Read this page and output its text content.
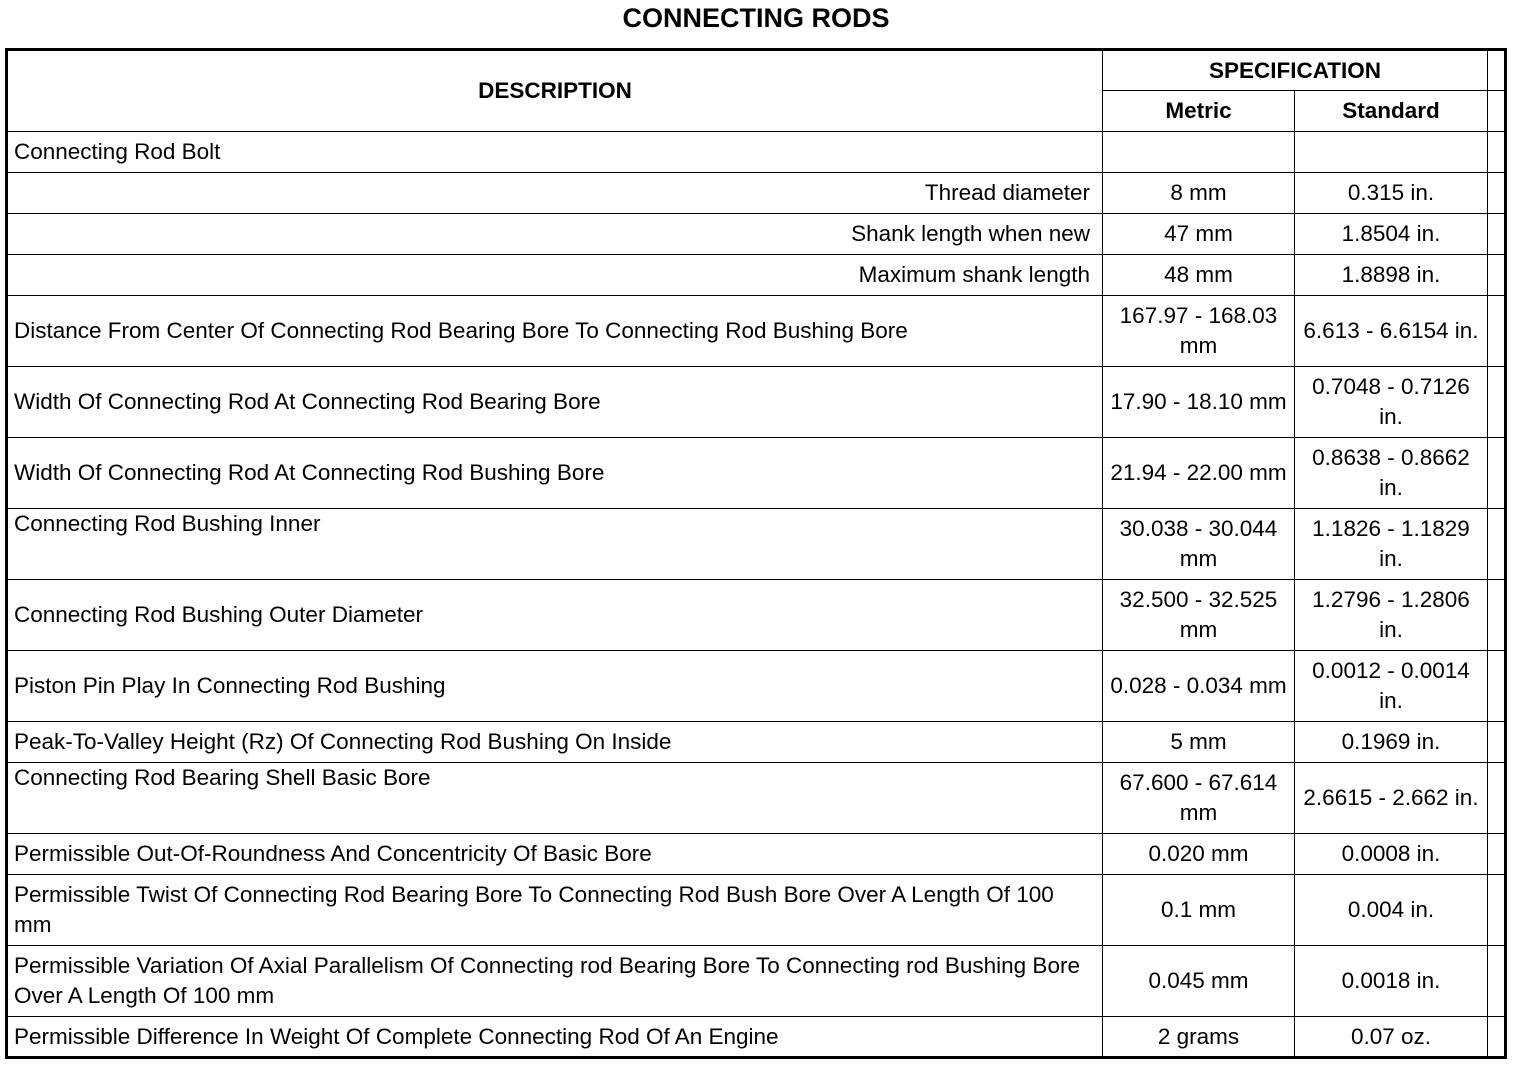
CONNECTING RODS
DESCRIPTION	SPECIFICATION		
	Metric	Standard	
Connecting Rod Bolt			
Thread diameter	8 mm	0.315 in.	
Shank length when new	47 mm	1.8504 in.	
Maximum shank length	48 mm	1.8898 in.	
Distance From Center Of Connecting Rod Bearing Bore To Connecting Rod Bushing Bore	167.97 - 168.03 mm	6.613 - 6.6154 in.	
Width Of Connecting Rod At Connecting Rod Bearing Bore	17.90 - 18.10 mm	0.7048 - 0.7126 in.	
Width Of Connecting Rod At Connecting Rod Bushing Bore	21.94 - 22.00 mm	0.8638 - 0.8662 in.	
Connecting Rod Bushing Inner	30.038 - 30.044 mm	1.1826 - 1.1829 in.	
Connecting Rod Bushing Outer Diameter	32.500 - 32.525 mm	1.2796 - 1.2806 in.	
Piston Pin Play In Connecting Rod Bushing	0.028 - 0.034 mm	0.0012 - 0.0014 in.	
Peak-To-Valley Height (Rz) Of Connecting Rod Bushing On Inside	5 mm	0.1969 in.	
Connecting Rod Bearing Shell Basic Bore	67.600 - 67.614 mm	2.6615 - 2.662 in.	
Permissible Out-Of-Roundness And Concentricity Of Basic Bore	0.020 mm	0.0008 in.	
Permissible Twist Of Connecting Rod Bearing Bore To Connecting Rod Bush Bore Over A Length Of 100 mm	0.1 mm	0.004 in.	
Permissible Variation Of Axial Parallelism Of Connecting rod Bearing Bore To Connecting rod Bushing Bore Over A Length Of 100 mm	0.045 mm	0.0018 in.	
Permissible Difference In Weight Of Complete Connecting Rod Of An Engine	2 grams	0.07 oz.	
